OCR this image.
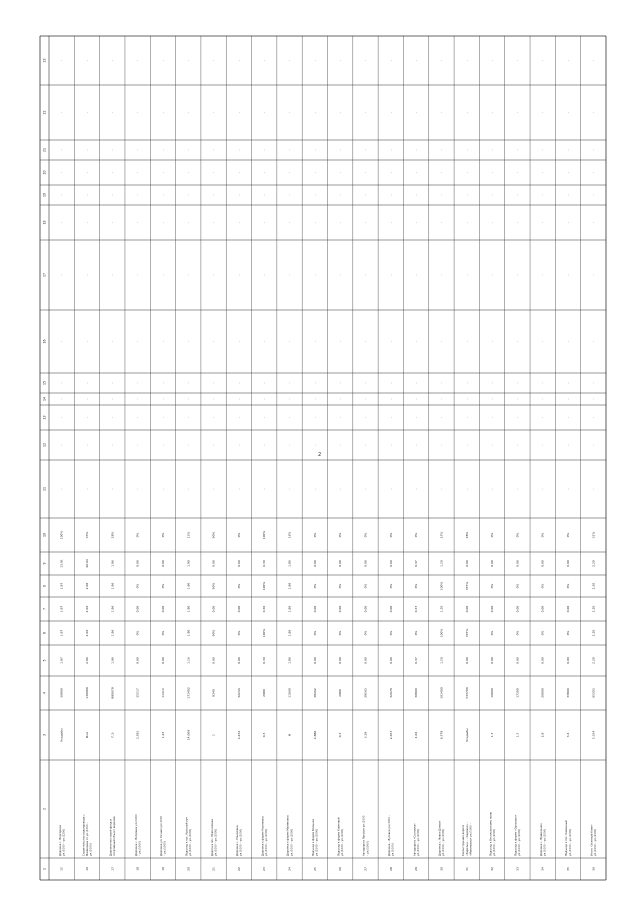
1
2
3
4
5
6
7
8
9
10
11
12
13
14
15
16
17
18
19
20
21
22
23
15
Дорожка с. Подгорное ул.(1000 – ул.(1200)
Усадьбы
36900
1,97
1,97
1,97
1,97
13,91
100%
-
-
-
-
-
-
-
-
-
-
-
-
-
16
Строительство водопровода с. Малиновка от ул.(1000 – ул.(1000)
Rvd
130099
2,06
4,04
4,04
2,06
40,04
33%
-
-
-
-
-
-
-
-
-
-
-
-
-
17
Дорожно-мостовой фонд и спортивный объект водоема
Г.Э
880078
1,96
1,96
1,96
1,96
1,96
28%
-
-
-
-
-
-
-
-
-
-
-
-
-
18
Дорожка с. Петровка ул.(1000 – ул.(1000)
3,591
35517
0,00
0%
0,00
0%
0,00
0%
-
-
-
-
-
-
-
-
-
-
-
-
-
19
Дорожка ул. Речная ул.(1000 – ул.(1000)
1,43
11413
0,00
0%
0,00
0%
0,00
0%
-
-
-
-
-
-
-
-
-
-
-
-
-
20
Подъезд к пос. Красный луч ул.(1000 – ул.(1000)
14,009
171402
1,16
1,90
1,90
1,90
1,90
13%
-
-
-
-
-
-
-
-
-
-
-
-
-
21
Дорога в пос. Новоселовка ул.(1000 – ул.(1000)
1
9340
0,00
90%
0,00
90%
0,00
90%
-
-
-
-
-
-
-
-
-
-
-
-
-
22
Дорожка с. Ульяновка ул.(1000 – ул.(1000)
4,452
32244
0,00
0%
0,00
0%
0,00
0%
-
-
-
-
-
-
-
-
-
-
-
-
-
23
Дорожка к ферме Ульяновка ул.(1000 – ул.(1000)
0,3
2980
0,30
100%
0,30
100%
0,30
100%
-
-
-
-
-
-
-
-
-
-
-
-
-
24
Дорожка к ферме Малиновка ул.(1000 – ул.(1000)
Н
11060
1,86
1,86
1,86
1,86
1,86
16%
-
-
-
-
-
-
-
-
-
-
-
-
-
25
Подъезд к ферме Большое ул.(1000 – ул.(1000)
4,886
38462
0,00
0%
0,00
0%
0,00
0%
-
-
-
-
-
-
-
-
-
-
-
-
-
26
Подъезд к ферме Ключевой ул.(1000 – ул.(1000)
0,3
2980
0,00
0%
0,00
0%
0,00
0%
-
-
-
-
-
-
-
-
-
-
-
-
-
27
Автодорога Луговое ул.(1000 – ул.(1000)
3,39
29563
0,00
0%
0,00
0%
0,00
0%
-
-
-
-
-
-
-
-
-
-
-
-
-
28
Дорожка – Луговка ул.(1000 – ул.(1000)
2,657
32070
0,00
0%
0,00
0%
0,00
0%
-
-
-
-
-
-
-
-
-
-
-
-
-
29
Автодорога «Сосновка» ул.(1000 – ул.(1000)
4,04
30800
0,37
0%
0,37
0%
0,37
0%
-
-
-
-
-
-
-
-
-
-
-
-
-
30
Дорожка с. Новое Деевое ул.(1000 – ул.(1000)
6,779
101400
1,50
100%
1,50
100%
1,50
25%
-
-
-
-
-
-
-
-
-
-
-
-
-
31
Реконструкция дороги «Заречье» – «Садовое» – «Малиновка» ул.(1000 –
Усадьбы
533706
0,00
375%
0,00
375%
0,00
28%
-
-
-
-
-
-
-
-
-
-
-
-
-
32
Подъезд к Весельевскому полю ул.(1000 – ул.(1000)
1,7
16900
0,00
0%
0,00
0%
0,00
0%
-
-
-
-
-
-
-
-
-
-
-
-
-
33
Подъезд к ферме «Ореховое» ул.(1000 – ул.(1000)
1,5
17300
0,00
0%
0,00
0%
0,00
0%
-
-
-
-
-
-
-
-
-
-
-
-
-
34
Дорожка с. Привольное ул.(1000 – ул.(1000)
2,8
20900
0,00
0%
0,00
0%
0,00
0%
-
-
-
-
-
-
-
-
-
-
-
-
-
35
Подъезд к пос. Каменный ул.(1000 – ул.(1000)
3,4
33800
0,00
0%
0,00
0%
0,00
0%
-
-
-
-
-
-
-
-
-
-
-
-
-
36
Итого «Зеленый Клин» ул.(1000 – ул.(1000)
5,354
65203
2,20
2,20
2,20
2,20
2,20
31%
-
-
-
-
-
-
-
-
-
-
-
-
-
2
